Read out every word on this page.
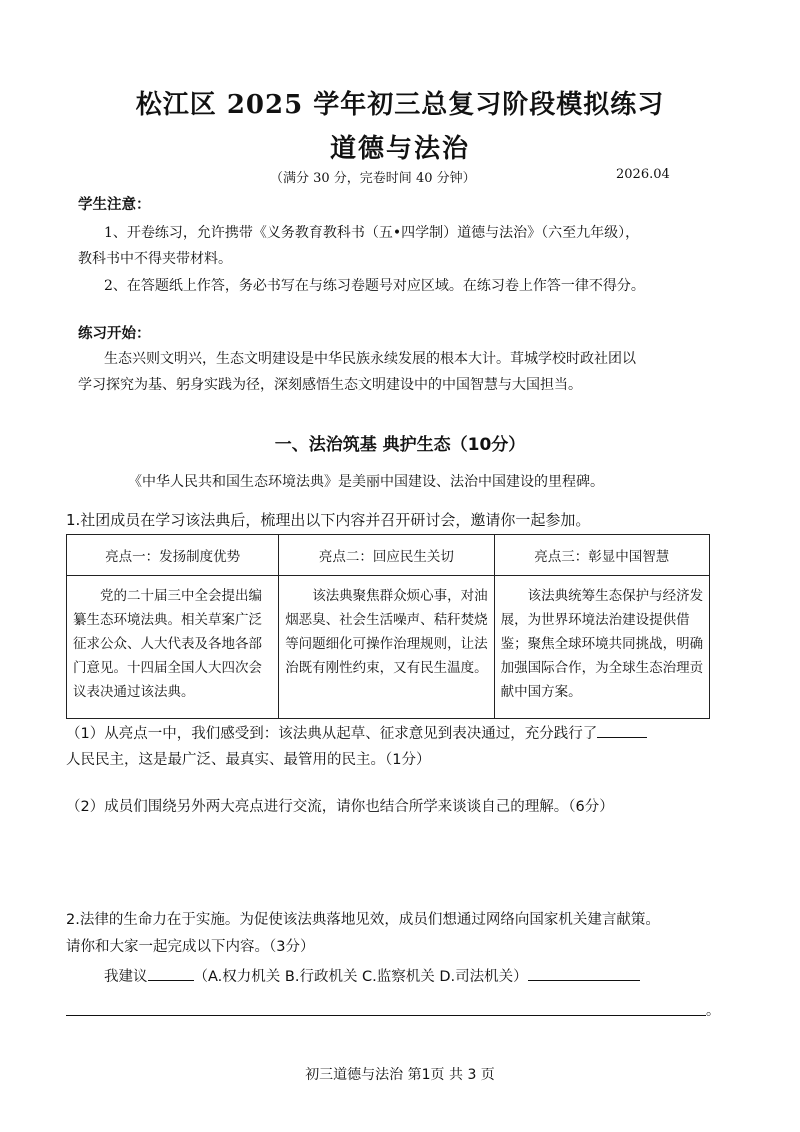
松江区 2025 学年初三总复习阶段模拟练习
道德与法治
（满分 30 分，完卷时间 40 分钟）	2026.04
学生注意：
1、开卷练习，允许携带《义务教育教科书（五•四学制）道德与法治》（六至九年级），
教科书中不得夹带材料。
2、在答题纸上作答，务必书写在与练习卷题号对应区域。在练习卷上作答一律不得分。
练习开始：
生态兴则文明兴，生态文明建设是中华民族永续发展的根本大计。茸城学校时政社团以
学习探究为基、躬身实践为径，深刻感悟生态文明建设中的中国智慧与大国担当。
一、法治筑基 典护生态（10分）
《中华人民共和国生态环境法典》是美丽中国建设、法治中国建设的里程碑。
1.社团成员在学习该法典后，梳理出以下内容并召开研讨会，邀请你一起参加。
亮点一：发扬制度优势	亮点二：回应民生关切	亮点三：彰显中国智慧
党的二十届三中全会提出编纂生态环境法典。相关草案广泛征求公众、人大代表及各地各部门意见。十四届全国人大四次会议表决通过该法典。	该法典聚焦群众烦心事，对油烟恶臭、社会生活噪声、秸秆焚烧等问题细化可操作治理规则，让法治既有刚性约束，又有民生温度。	该法典统筹生态保护与经济发展，为世界环境法治建设提供借鉴；聚焦全球环境共同挑战，明确加强国际合作，为全球生态治理贡献中国方案。
（1）从亮点一中，我们感受到：该法典从起草、征求意见到表决通过，充分践行了
人民民主，这是最广泛、最真实、最管用的民主。（1分）
（2）成员们围绕另外两大亮点进行交流，请你也结合所学来谈谈自己的理解。（6分）
2.法律的生命力在于实施。为促使该法典落地见效，成员们想通过网络向国家机关建言献策。
请你和大家一起完成以下内容。（3分）
我建议	（A.权力机关 B.行政机关 C.监察机关 D.司法机关）
。
初三道德与法治 第1页 共 3 页
